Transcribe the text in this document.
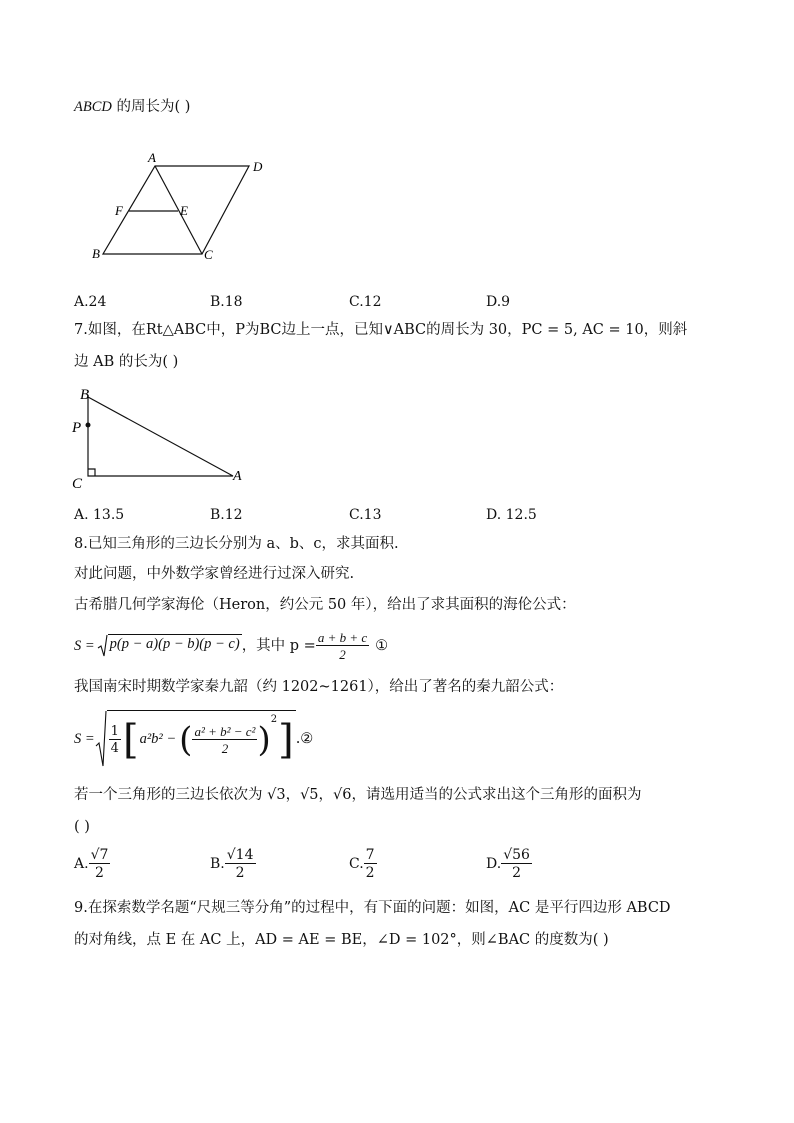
ABCD 的周长为( )
A
D
F	E
B	C
A.24	B.18	C.12	D.9
7.如图，在Rt△ABC中，P为BC边上一点，已知∨ABC的周长为 30，PC = 5, AC = 10，则斜
边 AB 的长为( )
B
P
C	A
A. 13.5	B.12	C.13	D. 12.5
8.已知三角形的三边长分别为 a、b、c，求其面积.
对此问题，中外数学家曾经进行过深入研究.
古希腊几何学家海伦（Heron，约公元 50 年），给出了求其面积的海伦公式：
S = p(p − a)(p − b)(p − c) ，其中 $p = \frac{a + b + c}{2}$ ①
我国南宋时期数学家秦九韶（约 1202~1261），给出了著名的秦九韶公式：
$S = \frac{1}{4}$ [ a²b² − ( $\frac{\text{a² + b² − c²}}{2}$ ) 2 ] .②
若一个三角形的三边长依次为 √3，√5，√6，请选用适当的公式求出这个三角形的面积为
( )
A. $\frac{√7}{2}$	B. $\frac{√14}{2}$	C. $\frac{7}{2}$	D. $\frac{√56}{2}$
9.在探索数学名题“尺规三等分角”的过程中，有下面的问题：如图，AC 是平行四边形 ABCD
的对角线，点 E 在 AC 上，AD = AE = BE，∠D = 102°，则∠BAC 的度数为( )
